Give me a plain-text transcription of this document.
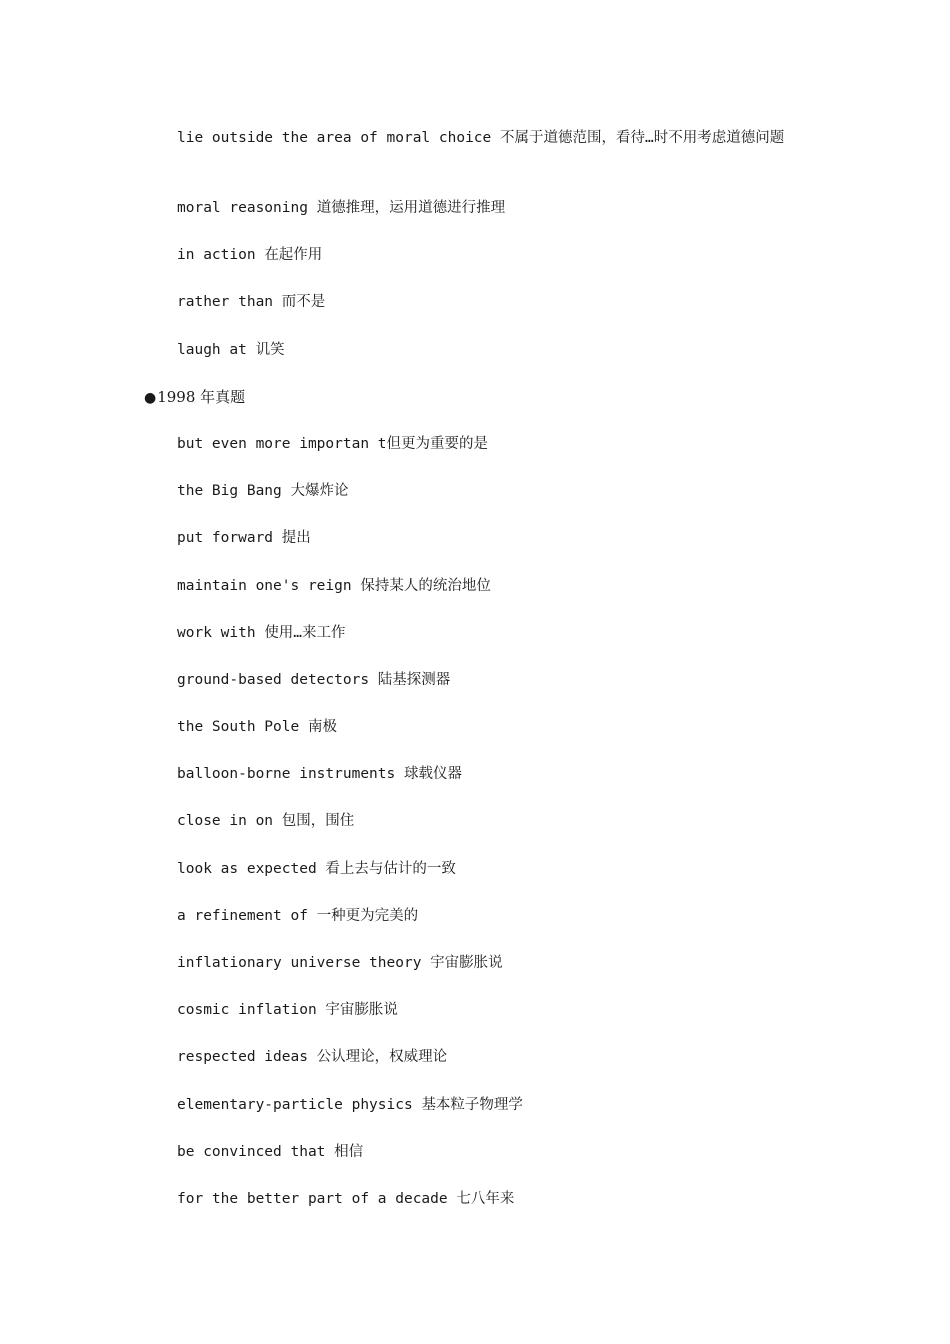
lie outside the area of moral choice 不属于道德范围，看待…时不用考虑道德问题
moral reasoning 道德推理，运用道德进行推理
in action 在起作用
rather than 而不是
laugh at 讥笑
●1998 年真题
but even more importan t但更为重要的是
the Big Bang 大爆炸论
put forward 提出
maintain one's reign 保持某人的统治地位
work with 使用…来工作
ground-based detectors 陆基探测器
the South Pole 南极
balloon-borne instruments 球载仪器
close in on 包围，围住
look as expected 看上去与估计的一致
a refinement of 一种更为完美的
inflationary universe theory 宇宙膨胀说
cosmic inflation 宇宙膨胀说
respected ideas 公认理论，权威理论
elementary-particle physics 基本粒子物理学
be convinced that 相信
for the better part of a decade 七八年来
